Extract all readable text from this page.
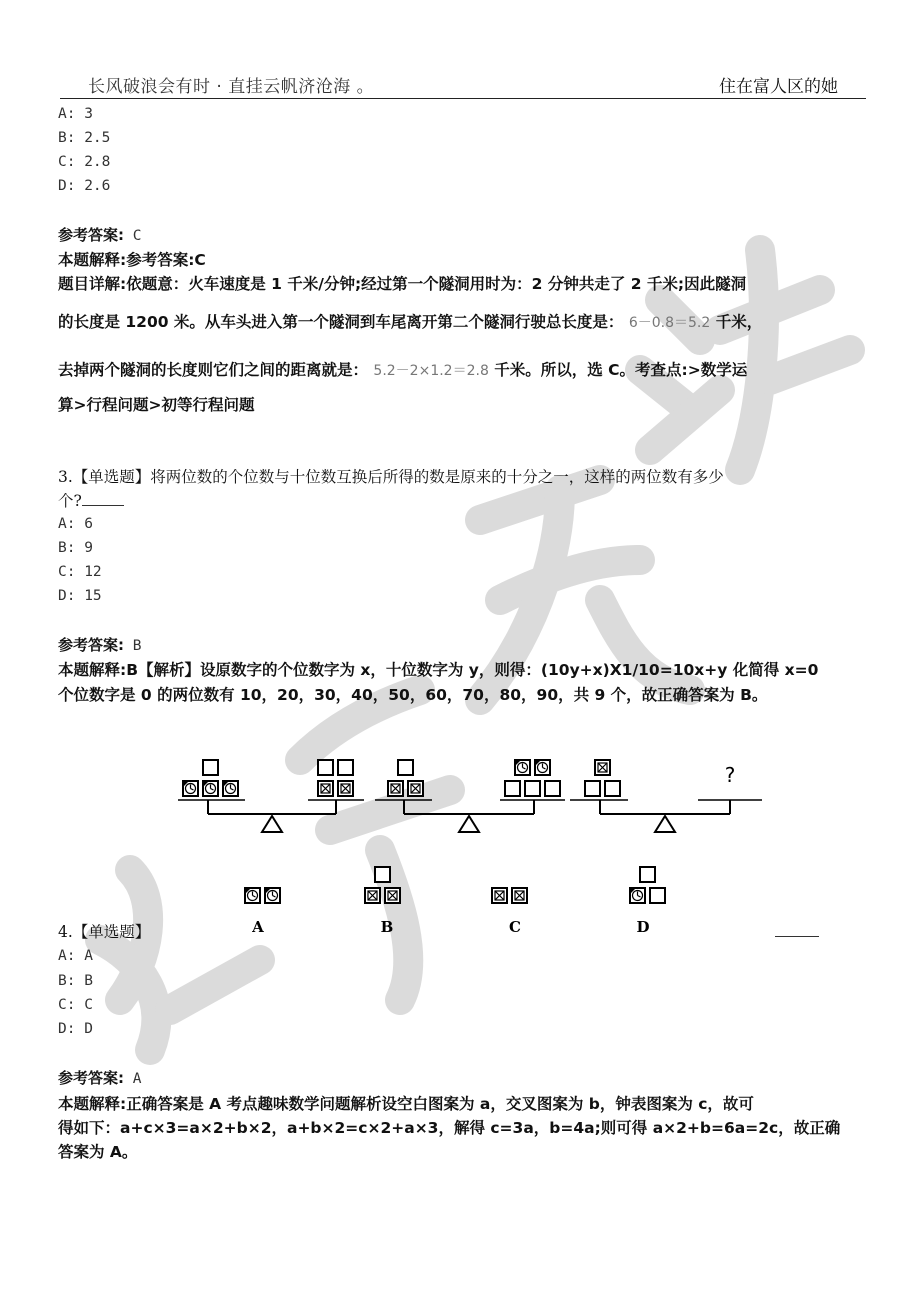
长风破浪会有时 · 直挂云帆济沧海 。	住在富人区的她
A: 3
B: 2.5
C: 2.8
D: 2.6
参考答案: C
本题解释:参考答案:C
题目详解:依题意：火车速度是 1 千米/分钟;经过第一个隧洞用时为：2 分钟共走了 2 千米;因此隧洞
的长度是 1200 米。从车头进入第一个隧洞到车尾离开第二个隧洞行驶总长度是： 6－0.8＝5.2 千米，
去掉两个隧洞的长度则它们之间的距离就是： 5.2－2×1.2＝2.8 千米。所以，选 C。考查点:>数学运
算>行程问题>初等行程问题
3.【单选题】将两位数的个位数与十位数互换后所得的数是原来的十分之一，这样的两位数有多少
个?
A: 6
B: 9
C: 12
D: 15
参考答案: B
本题解释:B【解析】设原数字的个位数字为 x，十位数字为 y，则得：(10y+x)X1/10=10x+y 化简得 x=0
个位数字是 0 的两位数有 10，20，30，40，50，60，70，80，90，共 9 个，故正确答案为 B。
?
A	B	C	D
4.【单选题】
A: A
B: B
C: C
D: D
参考答案: A
本题解释:正确答案是 A 考点趣味数学问题解析设空白图案为 a，交叉图案为 b，钟表图案为 c，故可
得如下：a+c×3=a×2+b×2，a+b×2=c×2+a×3，解得 c=3a，b=4a;则可得 a×2+b=6a=2c，故正确
答案为 A。
